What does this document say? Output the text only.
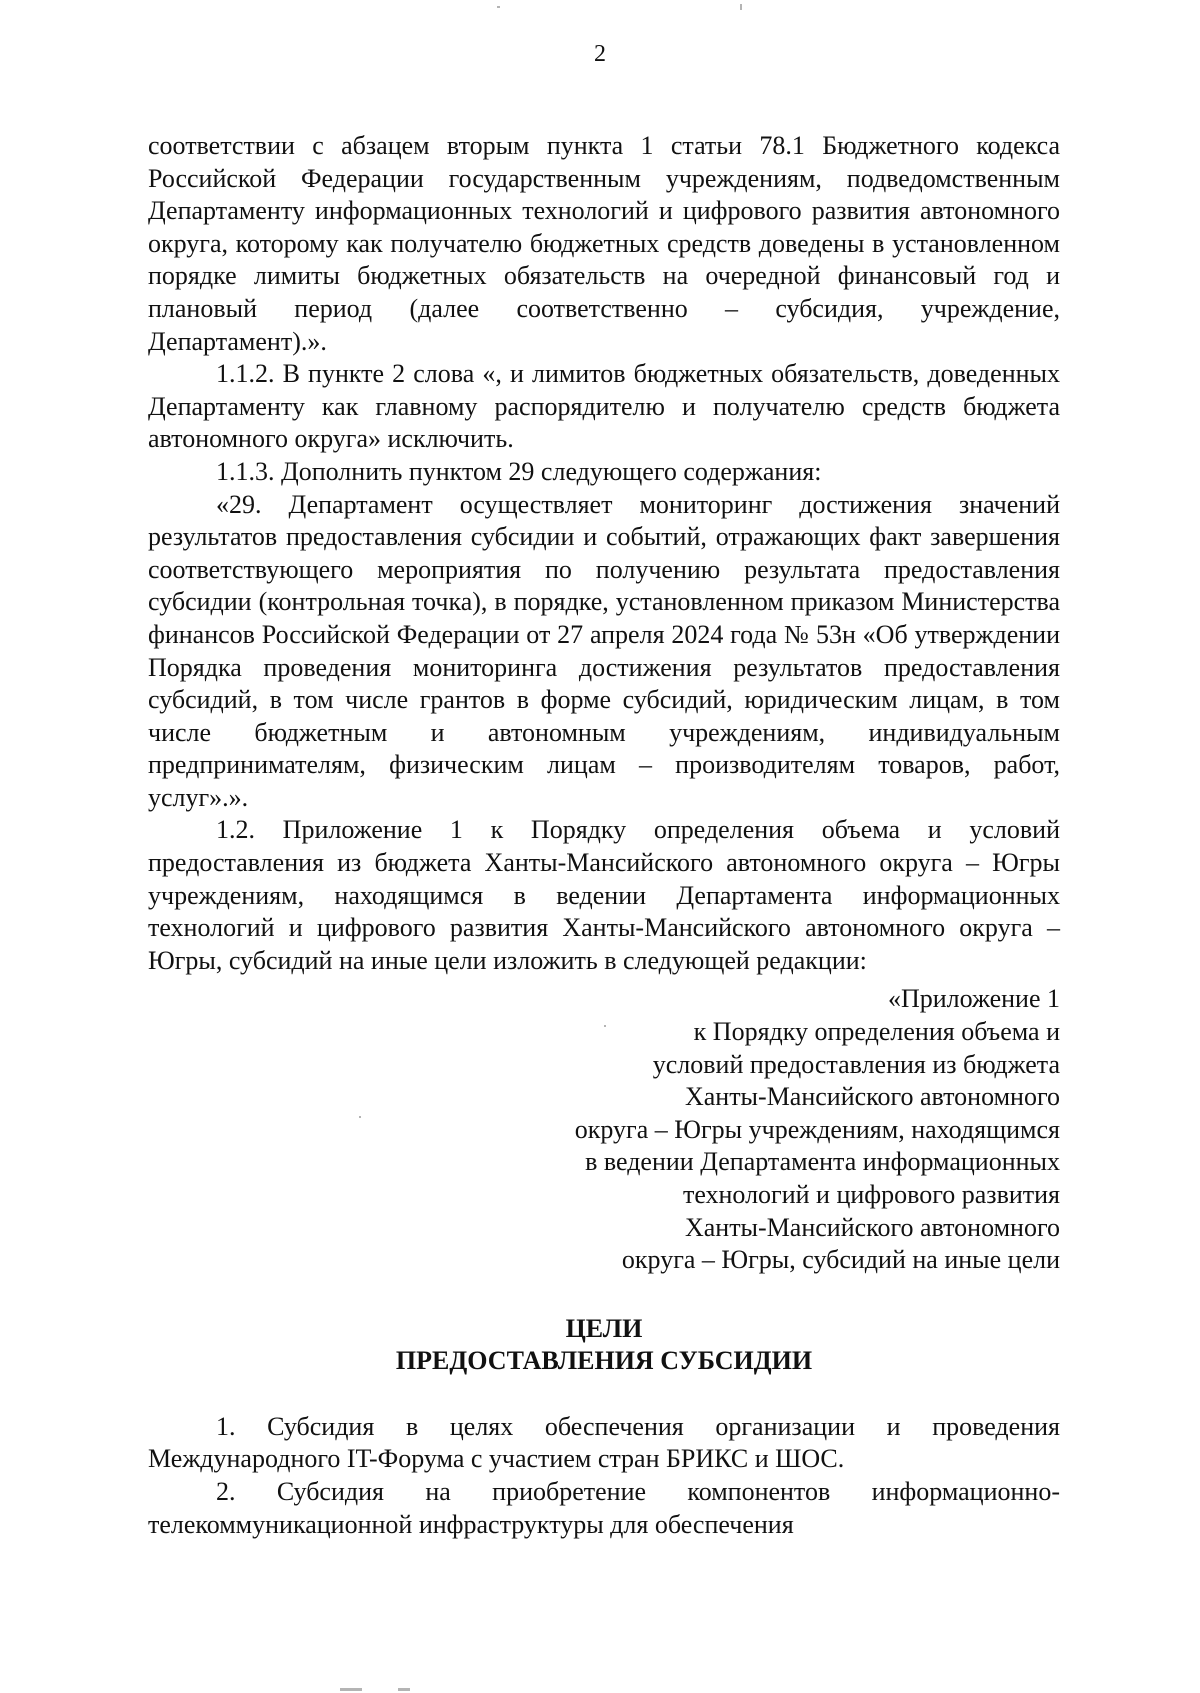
2

соответствии с абзацем вторым пункта 1 статьи 78.1 Бюджетного кодекса Российской Федерации государственным учреждениям, подведомственным Департаменту информационных технологий и цифрового развития автономного округа, которому как получателю бюджетных средств доведены в установленном порядке лимиты бюджетных обязательств на очередной финансовый год и плановый период (далее соответственно – субсидия, учреждение, Департамент).».

1.1.2. В пункте 2 слова «, и лимитов бюджетных обязательств, доведенных Департаменту как главному распорядителю и получателю средств бюджета автономного округа» исключить.

1.1.3. Дополнить пунктом 29 следующего содержания:

«29. Департамент осуществляет мониторинг достижения значений результатов предоставления субсидии и событий, отражающих факт завершения соответствующего мероприятия по получению результата предоставления субсидии (контрольная точка), в порядке, установленном приказом Министерства финансов Российской Федерации от 27 апреля 2024 года № 53н «Об утверждении Порядка проведения мониторинга достижения результатов предоставления субсидий, в том числе грантов в форме субсидий, юридическим лицам, в том числе бюджетным и автономным учреждениям, индивидуальным предпринимателям, физическим лицам – производителям товаров, работ, услуг».».

1.2. Приложение 1 к Порядку определения объема и условий предоставления из бюджета Ханты-Мансийского автономного округа – Югры учреждениям, находящимся в ведении Департамента информационных технологий и цифрового развития Ханты-Мансийского автономного округа – Югры, субсидий на иные цели изложить в следующей редакции:

«Приложение 1
к Порядку определения объема и
условий предоставления из бюджета
Ханты-Мансийского автономного
округа – Югры учреждениям, находящимся
в ведении Департамента информационных
технологий и цифрового развития
Ханты-Мансийского автономного
округа – Югры, субсидий на иные цели
ЦЕЛИ
ПРЕДОСТАВЛЕНИЯ СУБСИДИИ

1. Субсидия в целях обеспечения организации и проведения Международного IT-Форума с участием стран БРИКС и ШОС.

2. Субсидия на приобретение компонентов информационно-телекоммуникационной инфраструктуры для обеспечения
